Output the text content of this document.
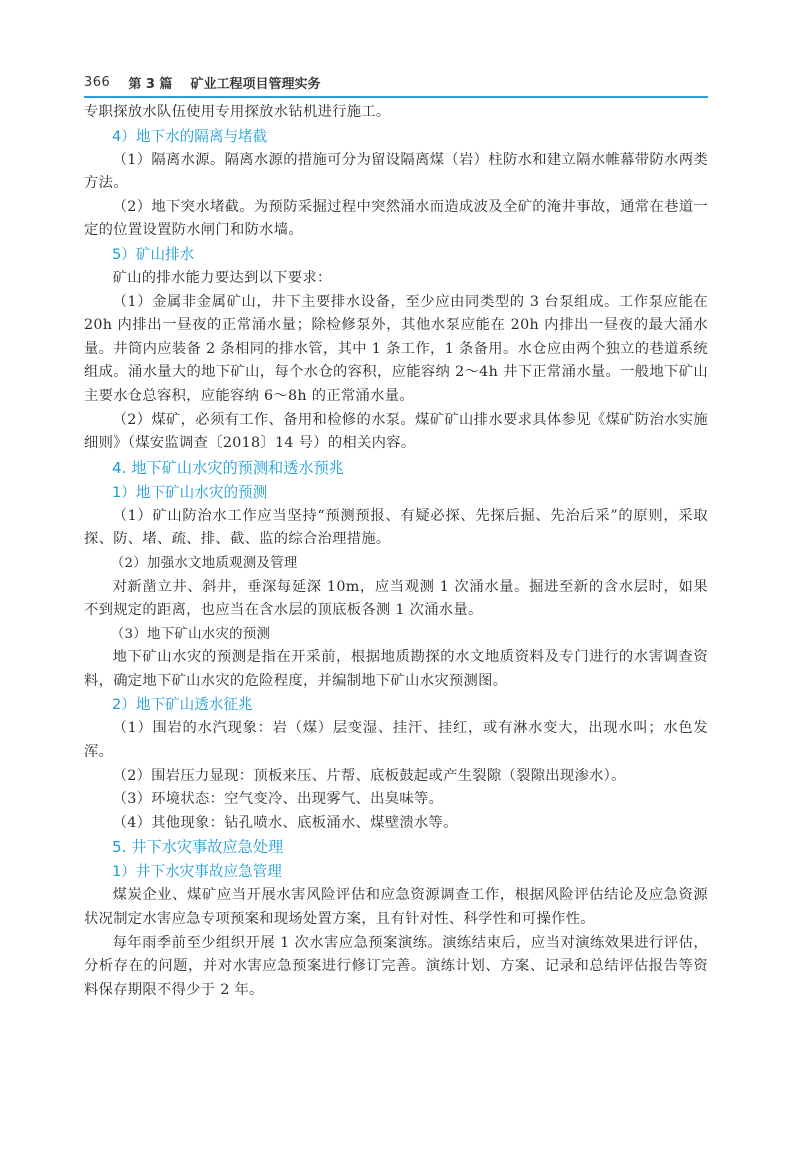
366 第 3 篇 矿业工程项目管理实务
专职探放水队伍使用专用探放水钻机进行施工。
4）地下水的隔离与堵截
（1）隔离水源。隔离水源的措施可分为留设隔离煤（岩）柱防水和建立隔水帷幕带防水两类方法。
（2）地下突水堵截。为预防采掘过程中突然涌水而造成波及全矿的淹井事故，通常在巷道一定的位置设置防水闸门和防水墙。
5）矿山排水
矿山的排水能力要达到以下要求：
（1）金属非金属矿山，井下主要排水设备，至少应由同类型的 3 台泵组成。工作泵应能在 20h 内排出一昼夜的正常涌水量；除检修泵外，其他水泵应能在 20h 内排出一昼夜的最大涌水量。井筒内应装备 2 条相同的排水管，其中 1 条工作，1 条备用。水仓应由两个独立的巷道系统组成。涌水量大的地下矿山，每个水仓的容积，应能容纳 2～4h 井下正常涌水量。一般地下矿山主要水仓总容积，应能容纳 6～8h 的正常涌水量。
（2）煤矿，必须有工作、备用和检修的水泵。煤矿矿山排水要求具体参见《煤矿防治水实施细则》（煤安监调查〔2018〕14 号）的相关内容。
4. 地下矿山水灾的预测和透水预兆
1）地下矿山水灾的预测
（1）矿山防治水工作应当坚持“预测预报、有疑必探、先探后掘、先治后采”的原则，采取探、防、堵、疏、排、截、监的综合治理措施。
（2）加强水文地质观测及管理
对新凿立井、斜井，垂深每延深 10m，应当观测 1 次涌水量。掘进至新的含水层时，如果不到规定的距离，也应当在含水层的顶底板各测 1 次涌水量。
（3）地下矿山水灾的预测
地下矿山水灾的预测是指在开采前，根据地质勘探的水文地质资料及专门进行的水害调查资料，确定地下矿山水灾的危险程度，并编制地下矿山水灾预测图。
2）地下矿山透水征兆
（1）围岩的水汽现象：岩（煤）层变湿、挂汗、挂红，或有淋水变大，出现水叫；水色发浑。
（2）围岩压力显现：顶板来压、片帮、底板鼓起或产生裂隙（裂隙出现渗水）。
（3）环境状态：空气变冷、出现雾气、出臭味等。
（4）其他现象：钻孔喷水、底板涌水、煤壁溃水等。
5. 井下水灾事故应急处理
1）井下水灾事故应急管理
煤炭企业、煤矿应当开展水害风险评估和应急资源调查工作，根据风险评估结论及应急资源状况制定水害应急专项预案和现场处置方案，且有针对性、科学性和可操作性。
每年雨季前至少组织开展 1 次水害应急预案演练。演练结束后，应当对演练效果进行评估，分析存在的问题，并对水害应急预案进行修订完善。演练计划、方案、记录和总结评估报告等资料保存期限不得少于 2 年。
